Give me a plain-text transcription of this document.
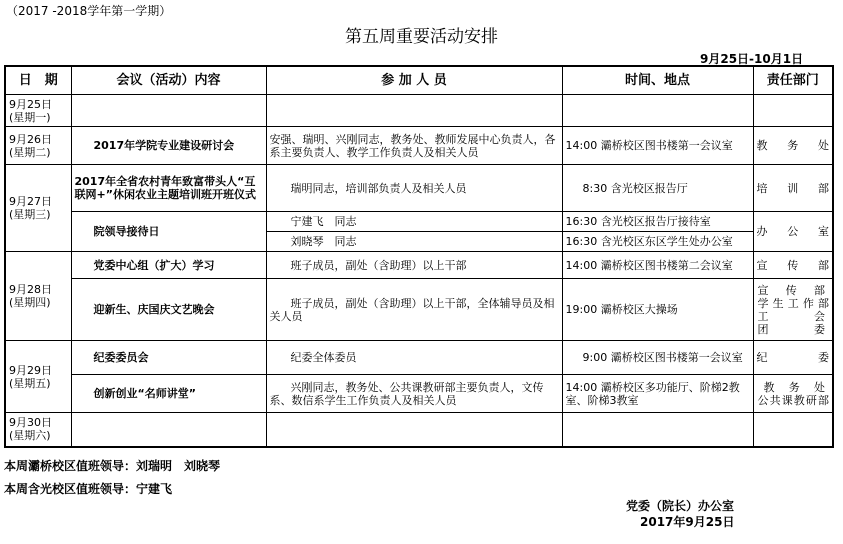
（2017 -2018学年第一学期）
第五周重要活动安排
9月25日-10月1日
日　期	会议（活动）内容	参 加 人 员	时间、地点	责任部门

9月25日
(星期一)				

9月26日
(星期二)	2017年学院专业建设研讨会	安强、瑞明、兴刚同志，教务处、教师发展中心负责人，各系主要负责人、教学工作负责人及相关人员	14:00 灞桥校区图书楼第一会议室	教 务 处

9月27日
(星期三)	2017年全省农村青年致富带头人“互联网+”休闲农业主题培训班开班仪式	瑞明同志，培训部负责人及相关人员	8:30 含光校区报告厅	培 训 部
	院领导接待日	宁建飞　同志	16:30 含光校区报告厅接待室	办 公 室
		刘晓琴　同志	16:30 含光校区东区学生处办公室	

9月28日
(星期四)	党委中心组（扩大）学习	班子成员，副处（含助理）以上干部	14:00 灞桥校区图书楼第二会议室	宣 传 部
	迎新生、庆国庆文艺晚会	班子成员，副处（含助理）以上干部，全体辅导员及相关人员	19:00 灞桥校区大操场	宣 传 部
学生工作部
工　　会
团　　委

9月29日
(星期五)	纪委委员会	纪委全体委员	9:00 灞桥校区图书楼第一会议室	纪　　委
	创新创业“名师讲堂”	兴刚同志，教务处、公共课教研部主要负责人，文传系、数信系学生工作负责人及相关人员	14:00 灞桥校区多功能厅、阶梯2教室、阶梯3教室	教 务 处
公共课教研部

9月30日
(星期六)				

本周灞桥校区值班领导：刘瑞明　刘晓琴
本周含光校区值班领导：宁建飞
党委（院长）办公室
2017年9月25日
